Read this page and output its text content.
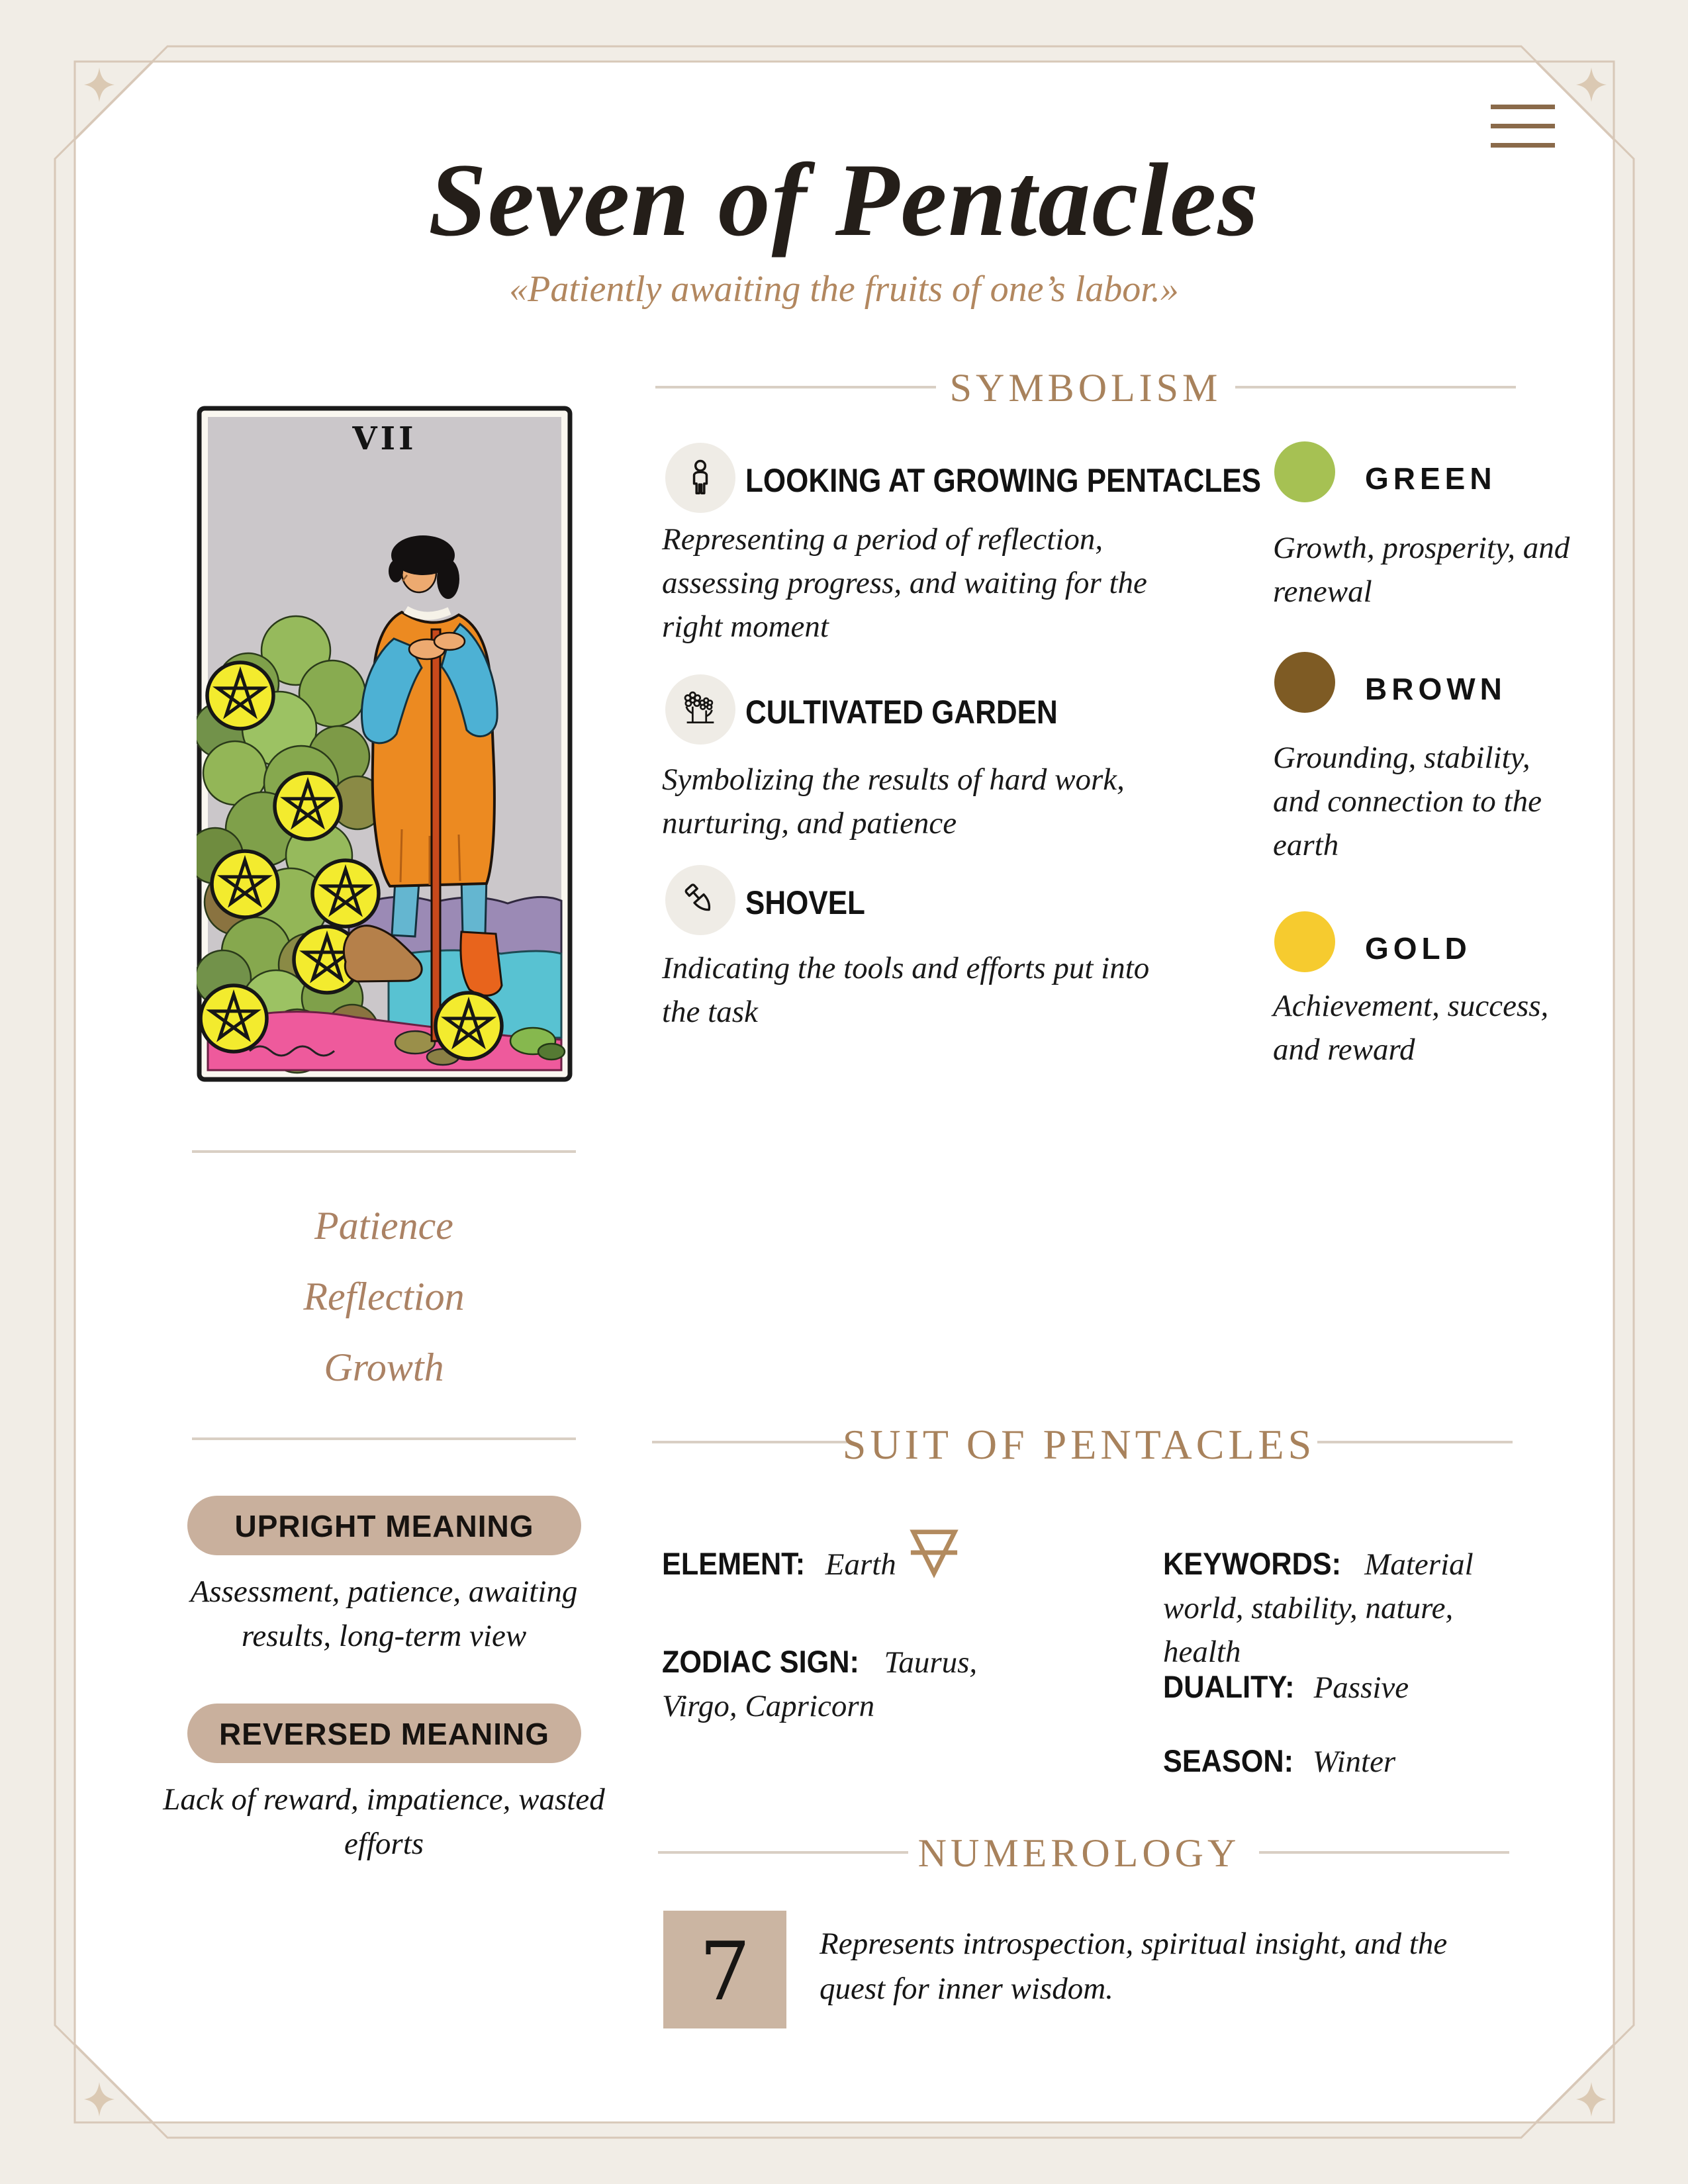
Seven of Pentacles
«Patiently awaiting the fruits of one’s labor.»
VII
Patience
Reflection
Growth
UPRIGHT MEANING
Assessment, patience, awaiting results, long-term view
REVERSED MEANING
Lack of reward, impatience, wasted efforts
SYMBOLISM
LOOKING AT GROWING PENTACLES
Representing a period of reflection, assessing progress, and waiting for the right moment
CULTIVATED GARDEN
Symbolizing the results of hard work, nurturing, and patience
SHOVEL
Indicating the tools and efforts put into the task
GREEN
Growth, prosperity, and renewal
BROWN
Grounding, stability, and connection to the earth
GOLD
Achievement, success, and reward
SUIT OF PENTACLES
ELEMENT: Earth
ZODIAC SIGN: Taurus, Virgo, Capricorn
KEYWORDS: Material world, stability, nature, health
DUALITY: Passive
SEASON: Winter
NUMEROLOGY
7	Represents introspection, spiritual insight, and the quest for inner wisdom.
